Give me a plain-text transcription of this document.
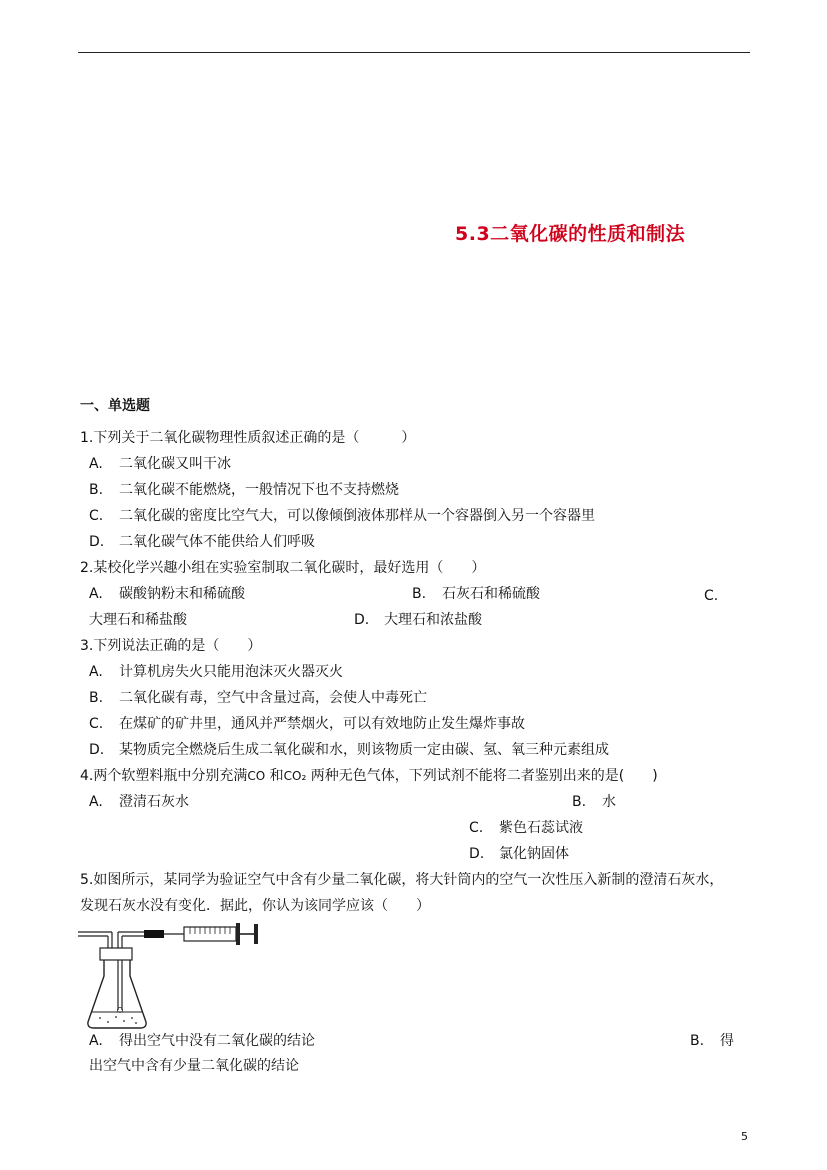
5.3二氧化碳的性质和制法
一、单选题
1.下列关于二氧化碳物理性质叙述正确的是（　　　）
A. 二氧化碳又叫干冰
B. 二氧化碳不能燃烧，一般情况下也不支持燃烧
C. 二氧化碳的密度比空气大，可以像倾倒液体那样从一个容器倒入另一个容器里
D. 二氧化碳气体不能供给人们呼吸
2.某校化学兴趣小组在实验室制取二氧化碳时，最好选用（　　）
A. 碳酸钠粉末和稀硫酸	B. 石灰石和稀硫酸	C.
大理石和稀盐酸	D. 大理石和浓盐酸
3.下列说法正确的是（　　）
A. 计算机房失火只能用泡沫灭火器灭火
B. 二氧化碳有毒，空气中含量过高，会使人中毒死亡
C. 在煤矿的矿井里，通风并严禁烟火，可以有效地防止发生爆炸事故
D. 某物质完全燃烧后生成二氧化碳和水，则该物质一定由碳、氢、氧三种元素组成
4.两个软塑料瓶中分别充满CO 和CO₂ 两种无色气体，下列试剂不能将二者鉴别出来的是(　　)
A. 澄清石灰水	B. 水
C. 紫色石蕊试液
D. 氯化钠固体
5.如图所示，某同学为验证空气中含有少量二氧化碳，将大针筒内的空气一次性压入新制的澄清石灰水，
发现石灰水没有变化．据此，你认为该同学应该（　　）
A. 得出空气中没有二氧化碳的结论	B. 得
出空气中含有少量二氧化碳的结论
5
